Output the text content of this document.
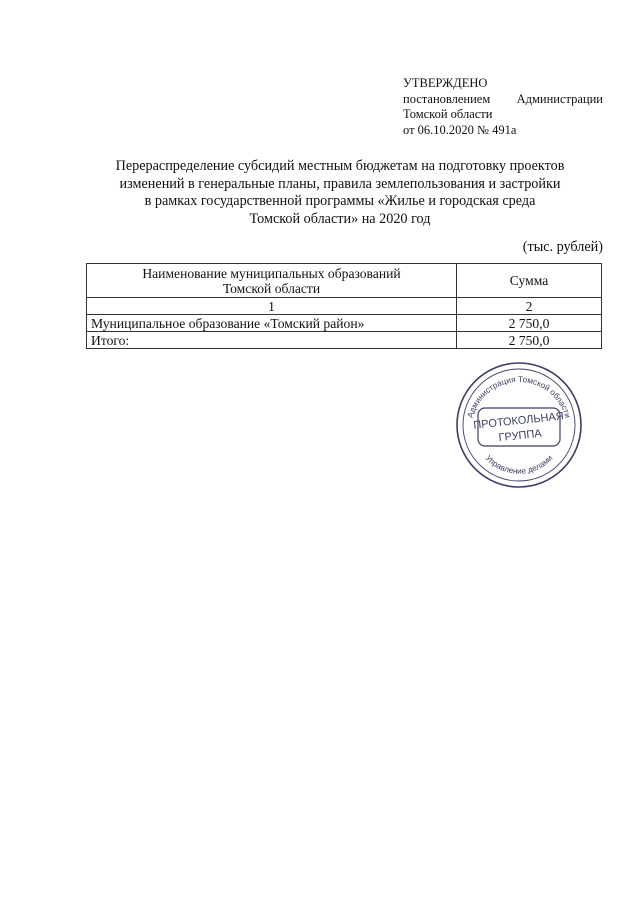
УТВЕРЖДЕНО
постановлением Администрации
Томской области
от 06.10.2020 № 491а
Перераспределение субсидий местным бюджетам на подготовку проектов
изменений в генеральные планы, правила землепользования и застройки
в рамках государственной программы «Жилье и городская среда
Томской области» на 2020 год
(тыс. рублей)
Наименование муниципальных образований
Томской области	Сумма
1	2
Муниципальное образование «Томский район»	2 750,0
Итого:	2 750,0
Администрация Томской области
Управление делами
ПРОТОКОЛЬНАЯ
ГРУППА
